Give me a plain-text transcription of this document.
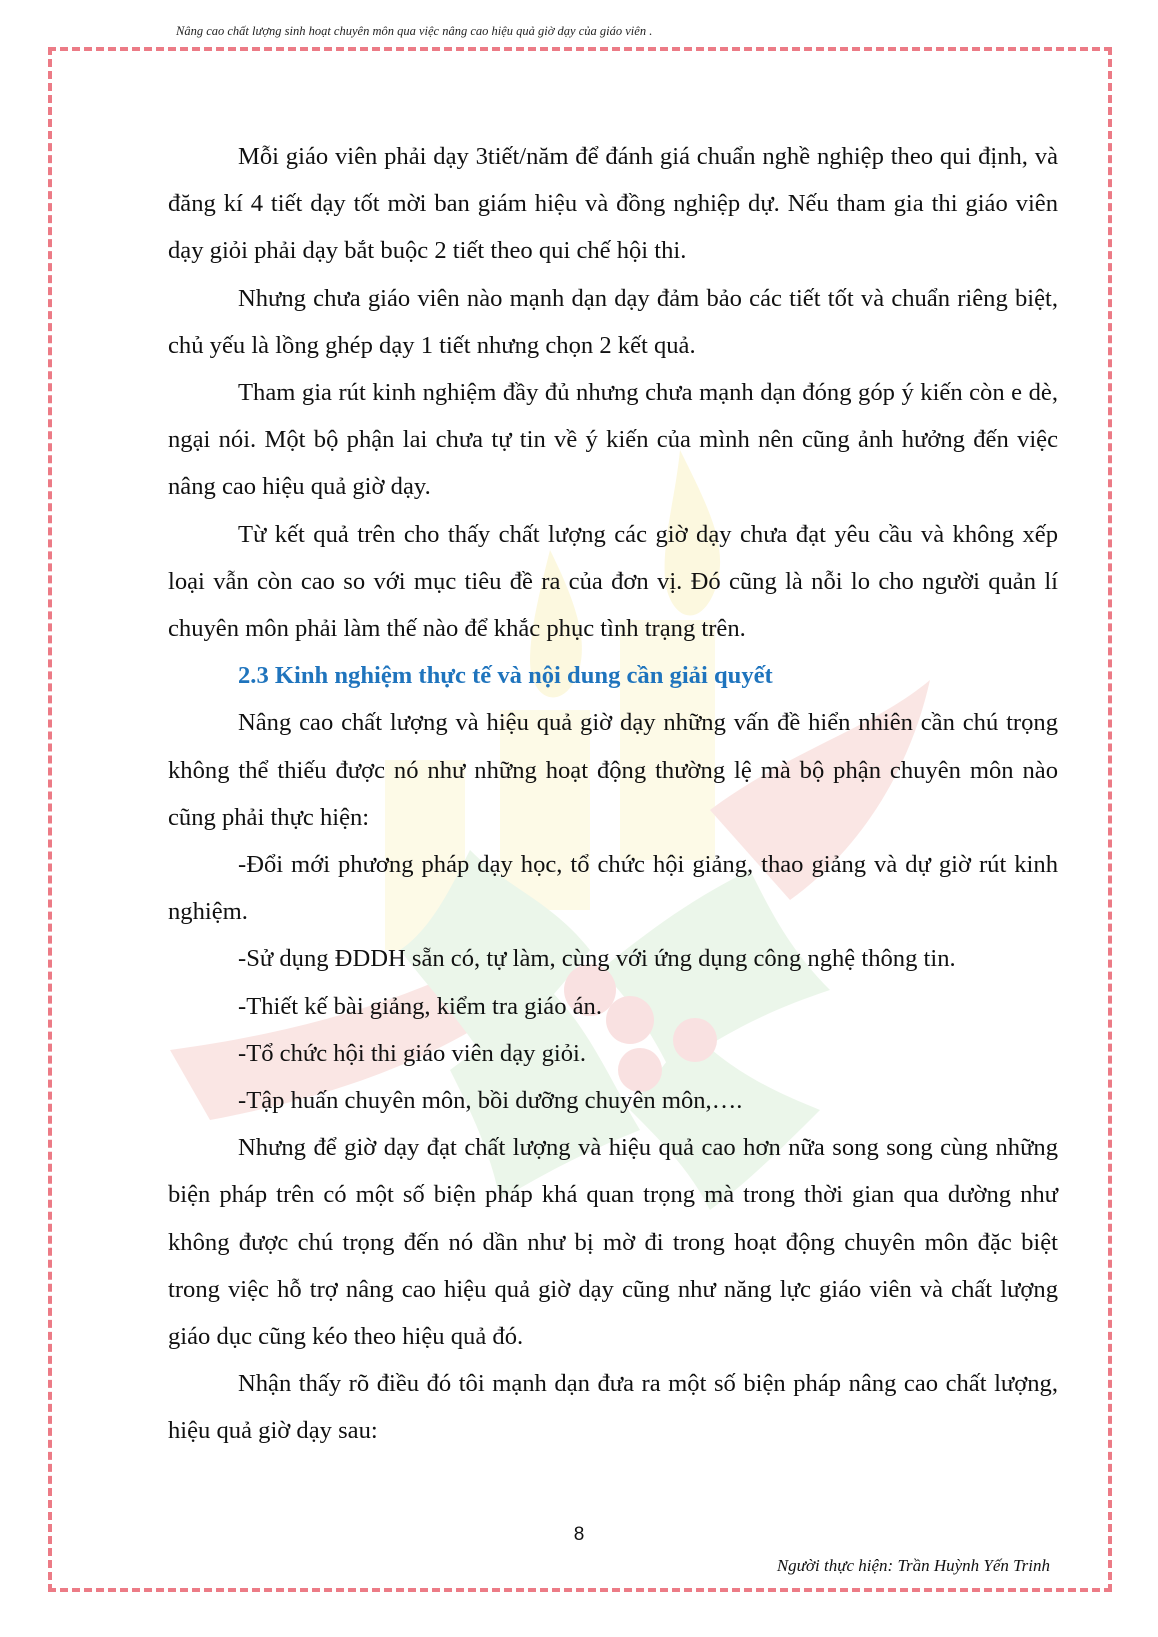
Nâng cao chất lượng sinh hoạt chuyên môn qua việc nâng cao hiệu quả giờ dạy của giáo viên .

Mỗi giáo viên phải dạy 3tiết/năm để đánh giá chuẩn nghề nghiệp theo qui định, và đăng kí 4 tiết dạy tốt mời ban giám hiệu và đồng nghiệp dự. Nếu tham gia thi giáo viên dạy giỏi phải dạy bắt buộc 2 tiết theo qui chế hội thi.

Nhưng chưa giáo viên nào mạnh dạn dạy đảm bảo các tiết tốt và chuẩn riêng biệt, chủ yếu là lồng ghép dạy 1 tiết nhưng chọn 2 kết quả.

Tham gia rút kinh nghiệm đầy đủ nhưng chưa mạnh dạn đóng góp ý kiến còn e dè, ngại nói. Một bộ phận lai chưa tự tin về ý kiến của mình nên cũng ảnh hưởng đến việc nâng cao hiệu quả giờ dạy.

Từ kết quả trên cho thấy chất lượng các giờ dạy chưa đạt yêu cầu và không xếp loại vẫn còn cao so với mục tiêu đề ra của đơn vị. Đó cũng là nỗi lo cho người quản lí chuyên môn phải làm thế nào để khắc phục tình trạng trên.

2.3 Kinh nghiệm thực tế và nội dung cần giải quyết

Nâng cao chất lượng và hiệu quả giờ dạy những vấn đề hiển nhiên cần chú trọng không thể thiếu được nó như những hoạt động thường lệ mà bộ phận chuyên môn nào cũng phải thực hiện:

-Đổi mới phương pháp dạy học, tổ chức hội giảng, thao giảng và dự giờ rút kinh nghiệm.

-Sử dụng ĐDDH sẵn có, tự làm, cùng với ứng dụng công nghệ thông tin.

-Thiết kế bài giảng, kiểm tra giáo án.

-Tổ chức hội thi giáo viên dạy giỏi.

-Tập huấn chuyên môn, bồi dưỡng chuyên môn,….

Nhưng để giờ dạy đạt chất lượng và hiệu quả cao hơn nữa song song cùng những biện pháp trên có một số biện pháp khá quan trọng mà trong thời gian qua dường như không được chú trọng đến nó dần như bị mờ đi trong hoạt động chuyên môn đặc biệt trong việc hỗ trợ nâng cao hiệu quả giờ dạy cũng như năng lực giáo viên và chất lượng giáo dục cũng kéo theo hiệu quả đó.

Nhận thấy rõ điều đó tôi mạnh dạn đưa ra một số biện pháp nâng cao chất lượng, hiệu quả giờ dạy sau:

8
Người thực hiện: Trần Huỳnh Yến Trinh
